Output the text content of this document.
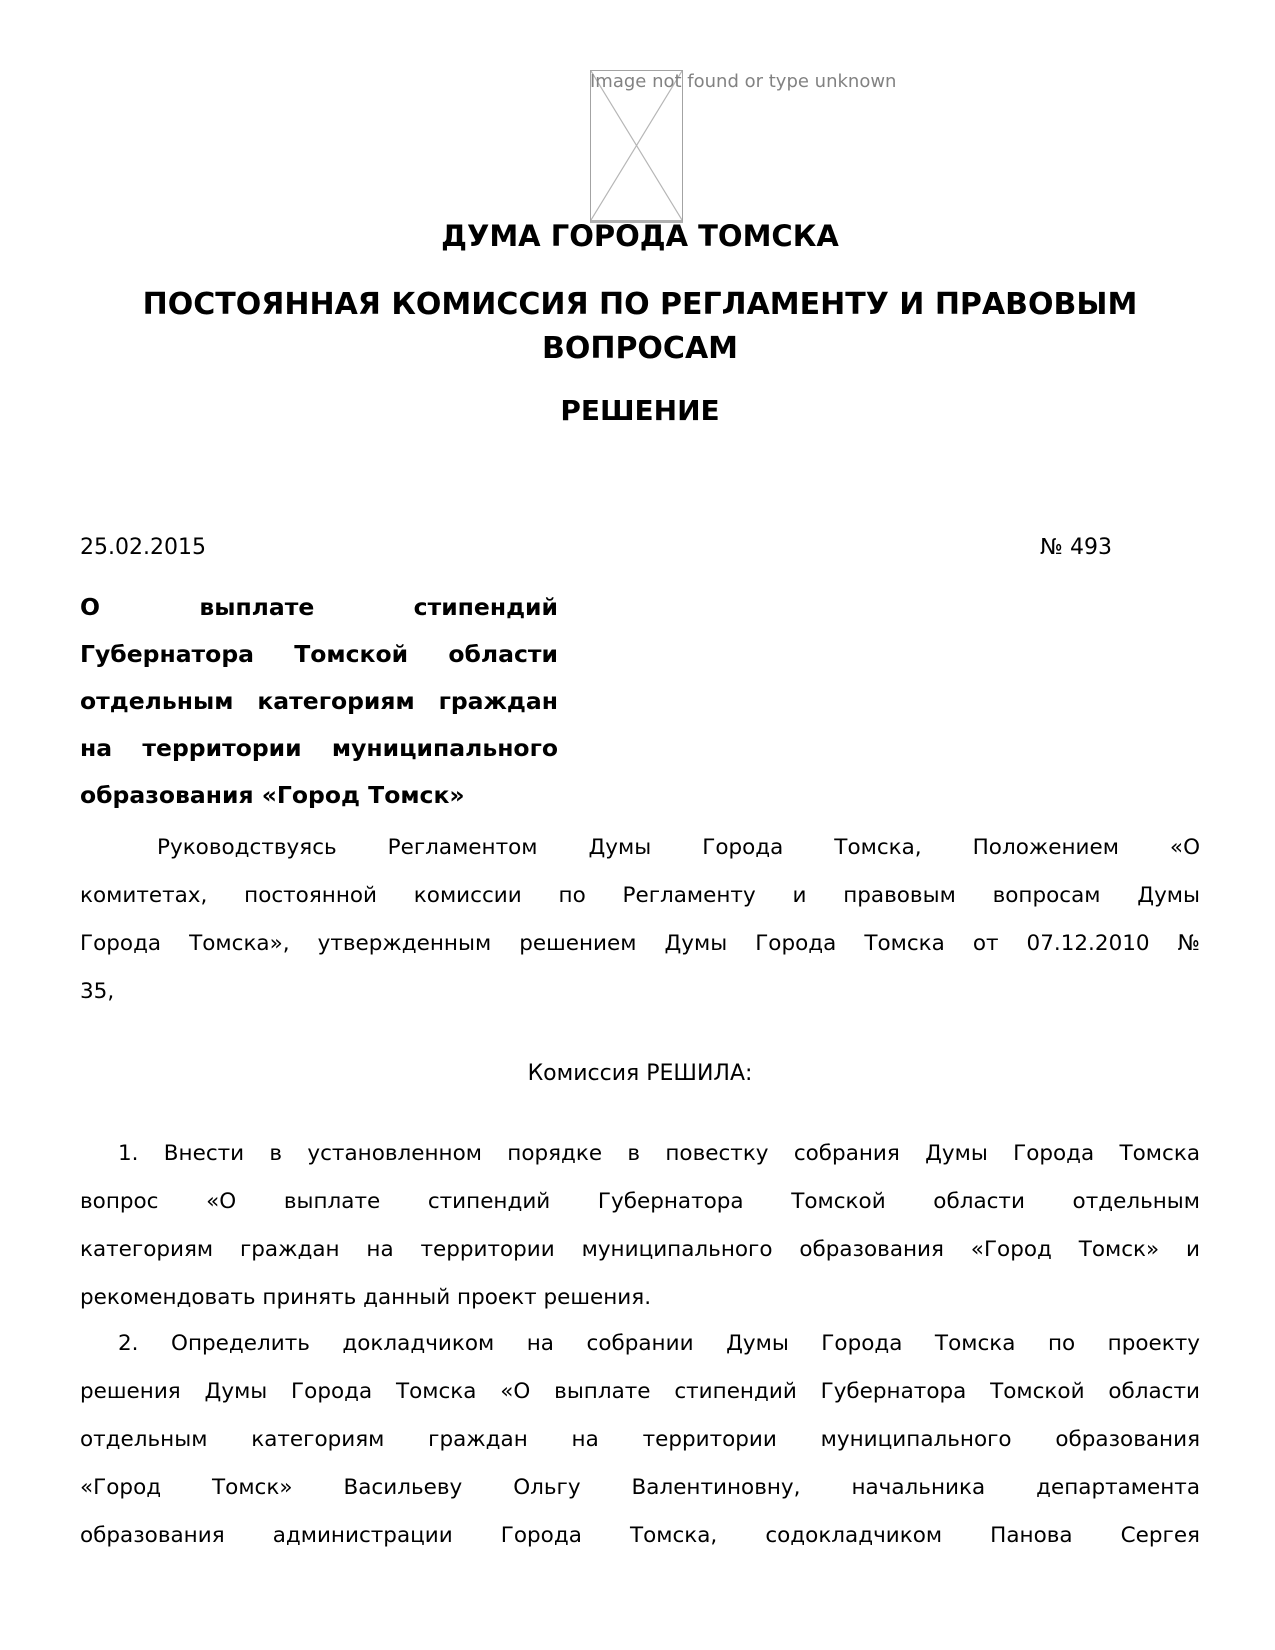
Image not found or type unknown
ДУМА ГОРОДА ТОМСКА
ПОСТОЯННАЯ КОМИССИЯ ПО РЕГЛАМЕНТУ И ПРАВОВЫМ
ВОПРОСАМ
РЕШЕНИЕ
25.02.2015	№ 493
О выплате стипендий
Губернатора Томской области
отдельным категориям граждан
на территории муниципального
образования «Город Томск»
Руководствуясь Регламентом Думы Города Томска, Положением «О
комитетах, постоянной комиссии по Регламенту и правовым вопросам Думы
Города Томска», утвержденным решением Думы Города Томска от 07.12.2010 №
35,
Комиссия РЕШИЛА:
1. Внести в установленном порядке в повестку собрания Думы Города Томска
вопрос «О выплате стипендий Губернатора Томской области отдельным
категориям граждан на территории муниципального образования «Город Томск» и
рекомендовать принять данный проект решения.
2. Определить докладчиком на собрании Думы Города Томска по проекту
решения Думы Города Томска «О выплате стипендий Губернатора Томской области
отдельным категориям граждан на территории муниципального образования
«Город Томск» Васильеву Ольгу Валентиновну, начальника департамента
образования администрации Города Томска, содокладчиком Панова Сергея
